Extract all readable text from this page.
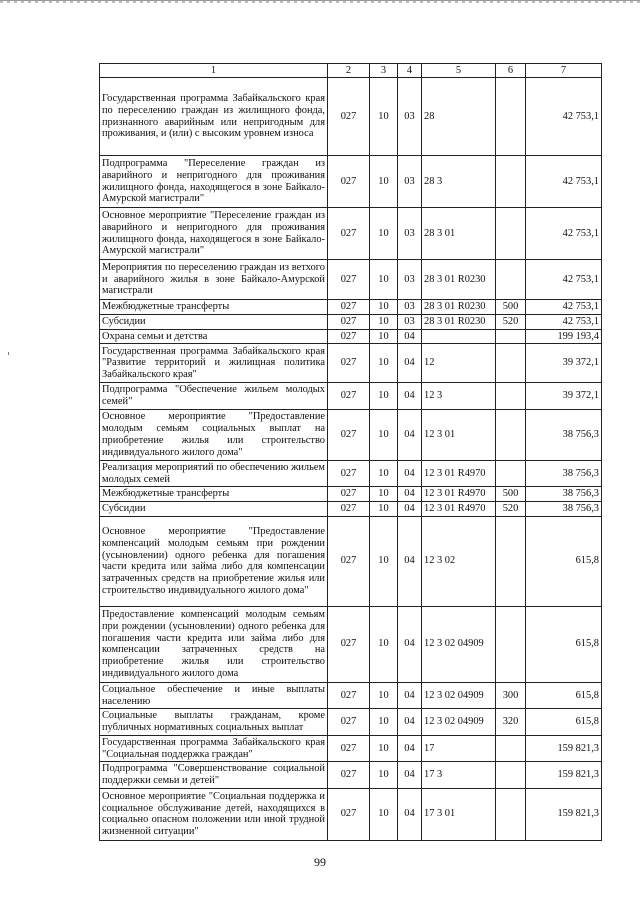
1	2	3	4	5	6	7
Государственная программа Забайкальского края по переселению граждан из жилищного фонда, признанного аварийным или непригодным для проживания, и (или) с высоким уровнем износа	027	10	03	28		42 753,1
Подпрограмма "Переселение граждан из аварийного и непригодного для проживания жилищного фонда, находящегося в зоне Байкало-Амурской магистрали"	027	10	03	28 3		42 753,1
Основное мероприятие "Переселение граждан из аварийного и непригодного для проживания жилищного фонда, находящегося в зоне Байкало-Амурской магистрали"	027	10	03	28 3 01		42 753,1
Мероприятия по переселению граждан из ветхого и аварийного жилья в зоне Байкало-Амурской магистрали	027	10	03	28 3 01 R0230		42 753,1
Межбюджетные трансферты	027	10	03	28 3 01 R0230	500	42 753,1
Субсидии	027	10	03	28 3 01 R0230	520	42 753,1
Охрана семьи и детства	027	10	04			199 193,4
Государственная программа Забайкальского края "Развитие территорий и жилищная политика Забайкальского края"	027	10	04	12		39 372,1
Подпрограмма "Обеспечение жильем молодых семей"	027	10	04	12 3		39 372,1
Основное мероприятие "Предоставление молодым семьям социальных выплат на приобретение жилья или строительство индивидуального жилого дома"	027	10	04	12 3 01		38 756,3
Реализация мероприятий по обеспечению жильем молодых семей	027	10	04	12 3 01 R4970		38 756,3
Межбюджетные трансферты	027	10	04	12 3 01 R4970	500	38 756,3
Субсидии	027	10	04	12 3 01 R4970	520	38 756,3
Основное мероприятие "Предоставление компенсаций молодым семьям при рождении (усыновлении) одного ребенка для погашения части кредита или займа либо для компенсации затраченных средств на приобретение жилья или строительство индивидуального жилого дома"	027	10	04	12 3 02		615,8
Предоставление компенсаций молодым семьям при рождении (усыновлении) одного ребенка для погашения части кредита или займа либо для компенсации затраченных средств на приобретение жилья или строительство индивидуального жилого дома	027	10	04	12 3 02 04909		615,8
Социальное обеспечение и иные выплаты населению	027	10	04	12 3 02 04909	300	615,8
Социальные выплаты гражданам, кроме публичных нормативных социальных выплат	027	10	04	12 3 02 04909	320	615,8
Государственная программа Забайкальского края "Социальная поддержка граждан"	027	10	04	17		159 821,3
Подпрограмма "Совершенствование социальной поддержки семьи и детей"	027	10	04	17 3		159 821,3
Основное мероприятие "Социальная поддержка и социальное обслуживание детей, находящихся в социально опасном положении или иной трудной жизненной ситуации"	027	10	04	17 3 01		159 821,3
99
